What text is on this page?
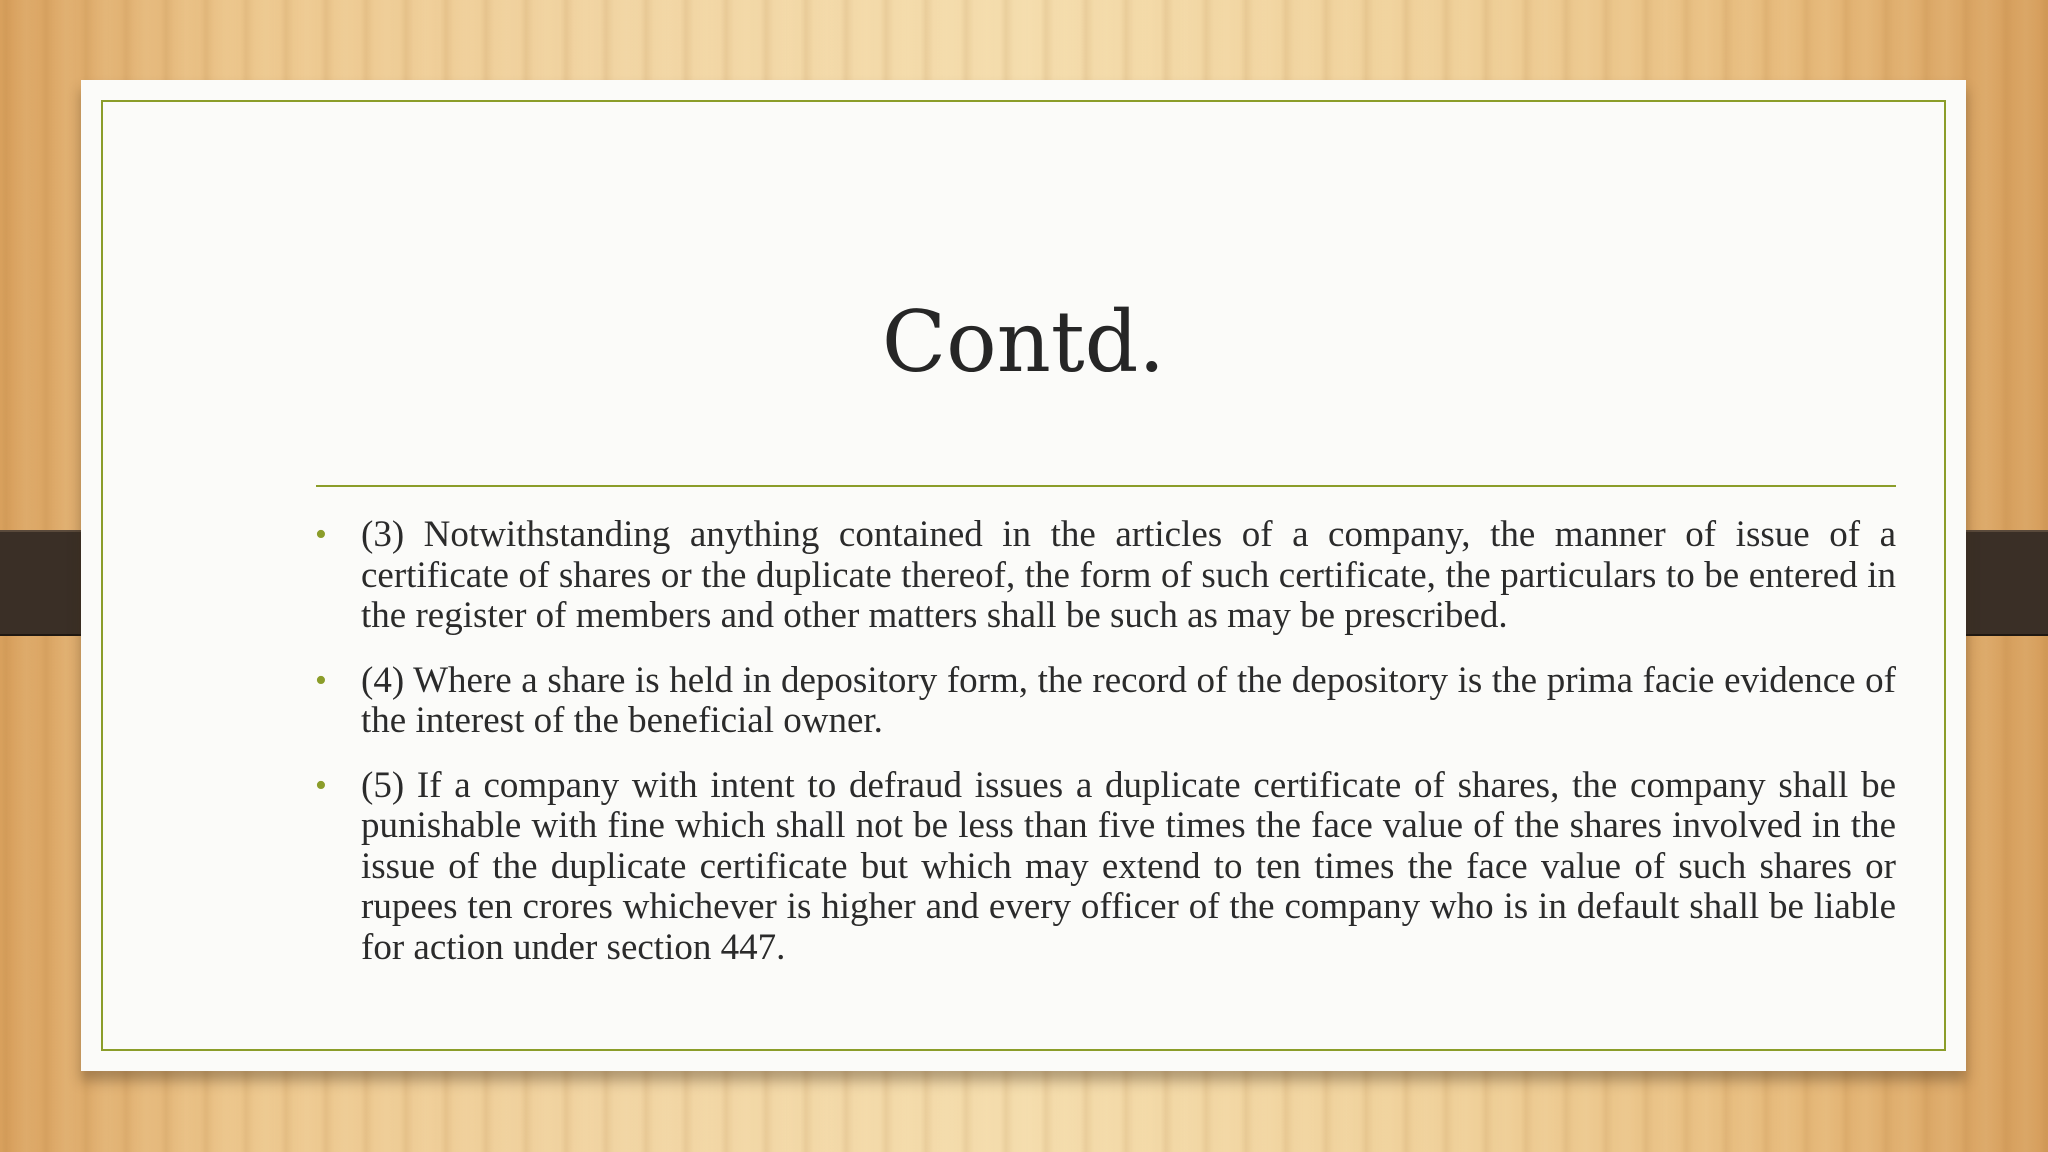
Contd.
• (3) Notwithstanding anything contained in the articles of a company, the manner of issue of a certificate of shares or the duplicate thereof, the form of such certificate, the particulars to be entered in the register of members and other matters shall be such as may be prescribed.
• (4) Where a share is held in depository form, the record of the depository is the prima facie evidence of the interest of the beneficial owner.
• (5) If a company with intent to defraud issues a duplicate certificate of shares, the company shall be punishable with fine which shall not be less than five times the face value of the shares involved in the issue of the duplicate certificate but which may extend to ten times the face value of such shares or rupees ten crores whichever is higher and every officer of the company who is in default shall be liable for action under section 447.
